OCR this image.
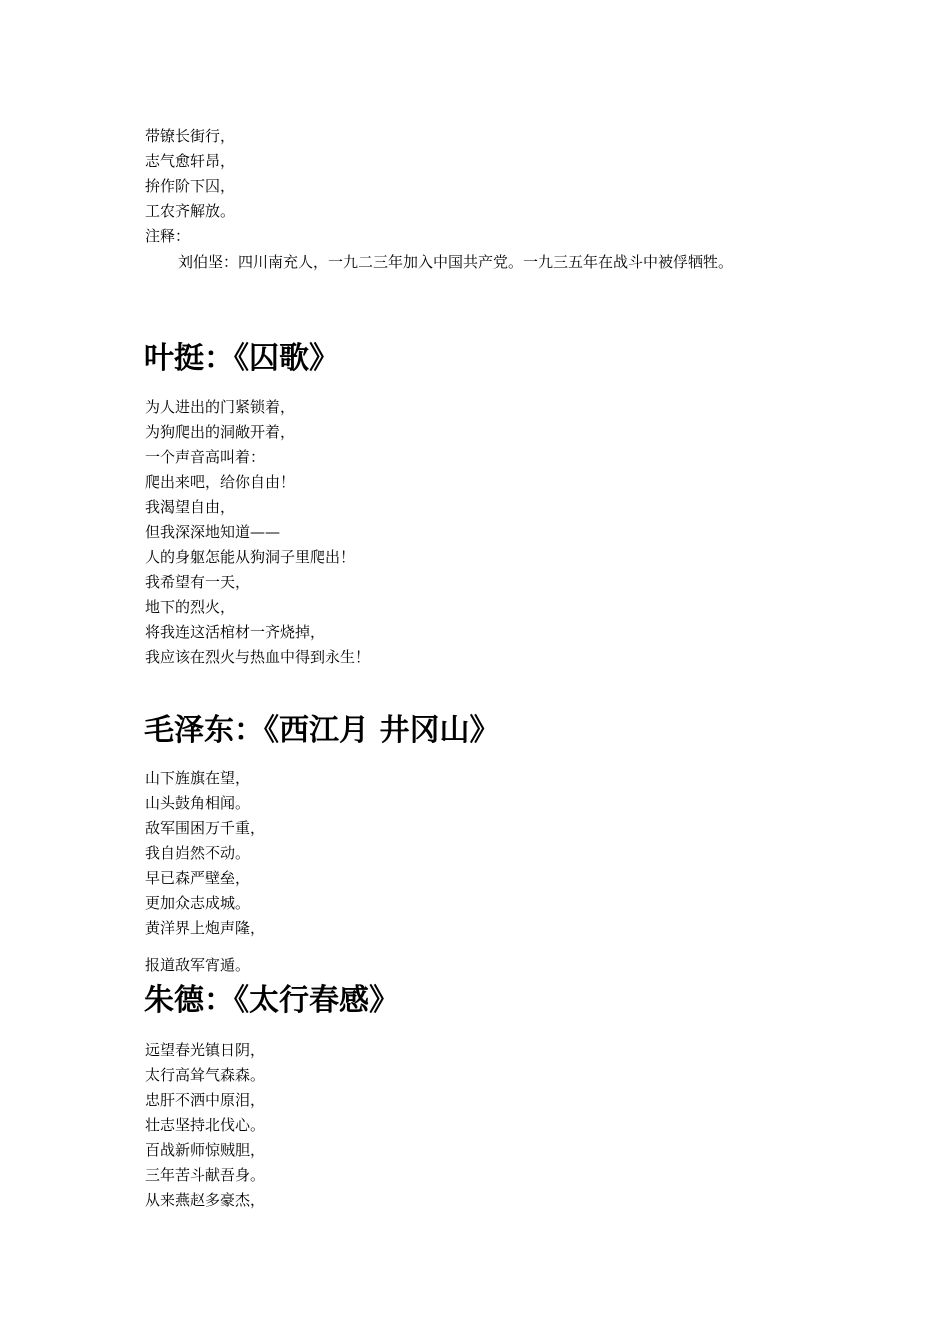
带镣长街行，

志气愈轩昂，

拚作阶下囚，

工农齐解放。

注释：

刘伯坚：四川南充人，一九二三年加入中国共产党。一九三五年在战斗中被俘牺牲。

叶挺：《囚歌》

为人进出的门紧锁着，

为狗爬出的洞敞开着，

一个声音高叫着：

爬出来吧，给你自由！

我渴望自由，

但我深深地知道——

人的身躯怎能从狗洞子里爬出！

我希望有一天，

地下的烈火，

将我连这活棺材一齐烧掉，

我应该在烈火与热血中得到永生！

毛泽东：《西江月 井冈山》

山下旌旗在望，

山头鼓角相闻。

敌军围困万千重，

我自岿然不动。

早已森严壁垒，

更加众志成城。

黄洋界上炮声隆，

报道敌军宵遁。

朱德：《太行春感》

远望春光镇日阴，

太行高耸气森森。

忠肝不洒中原泪，

壮志坚持北伐心。

百战新师惊贼胆，

三年苦斗献吾身。

从来燕赵多豪杰，
